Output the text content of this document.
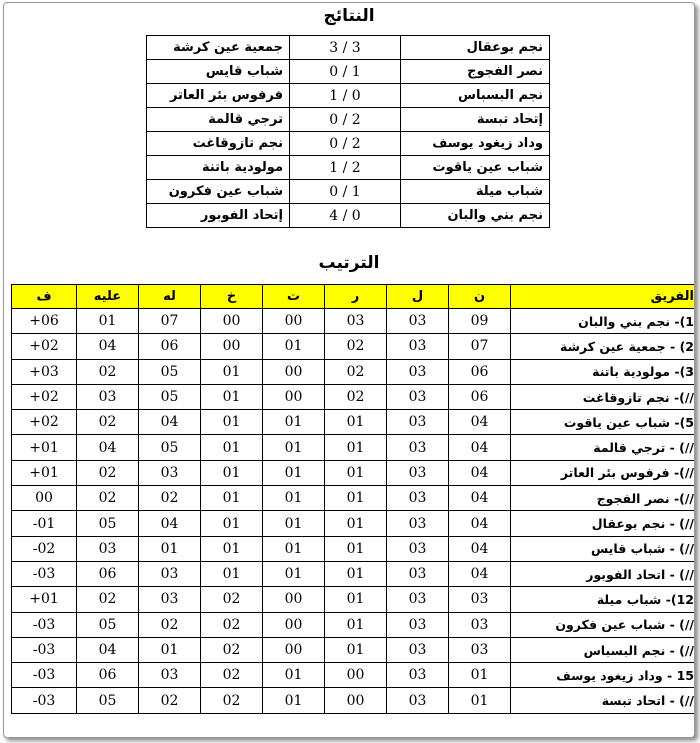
النتائج
جمعية عين كرشة	3 / 3	نجم بوعقال
شباب قايس	0 / 1	نصر الفجوج
فرفوس بئر العاتر	1 / 0	نجم البسباس
ترجي قالمة	0 / 2	إتحاد تبسة
نجم تازوقاغت	0 / 2	وداد زيغود يوسف
مولودية باتنة	1 / 2	شباب عين ياقوت
شباب عين فكرون	0 / 1	شباب ميلة
إتحاد الفوبور	4 / 0	نجم بني والبان
الترتيب
الفريق	ن	ل	ر	ت	خ	له	عليه	ف
1)- نجم بني والبان	09	03	03	00	00	07	01	+06
2) - جمعية عين كرشة	07	03	02	01	00	06	04	+02
3)- مولودية باتنة	06	03	02	00	01	05	02	+03
//)- نجم تازوقاغت	06	03	02	00	01	05	03	+02
5)- شباب عين ياقوت	04	03	01	01	01	04	02	+02
//) - ترجي قالمة	04	03	01	01	01	05	04	+01
//)- فرفوس بئر العاتر	04	03	01	01	01	03	02	+01
//)- نصر الفجوج	04	03	01	01	01	02	02	00
//) - نجم بوعقال	04	03	01	01	01	04	05	-01
//) - شباب قايس	04	03	01	01	01	01	03	-02
//) - اتحاد الفوبور	04	03	01	01	01	03	06	-03
12)- شباب ميلة	03	03	01	00	02	03	02	+01
//) - شباب عين فكرون	03	03	01	00	02	02	05	-03
//) - نجم البسباس	03	03	01	00	02	01	04	-03
15 - وداد زيغود يوسف	01	03	00	01	02	03	06	-03
//) - اتحاد تبسة	01	03	00	01	02	02	05	-03
